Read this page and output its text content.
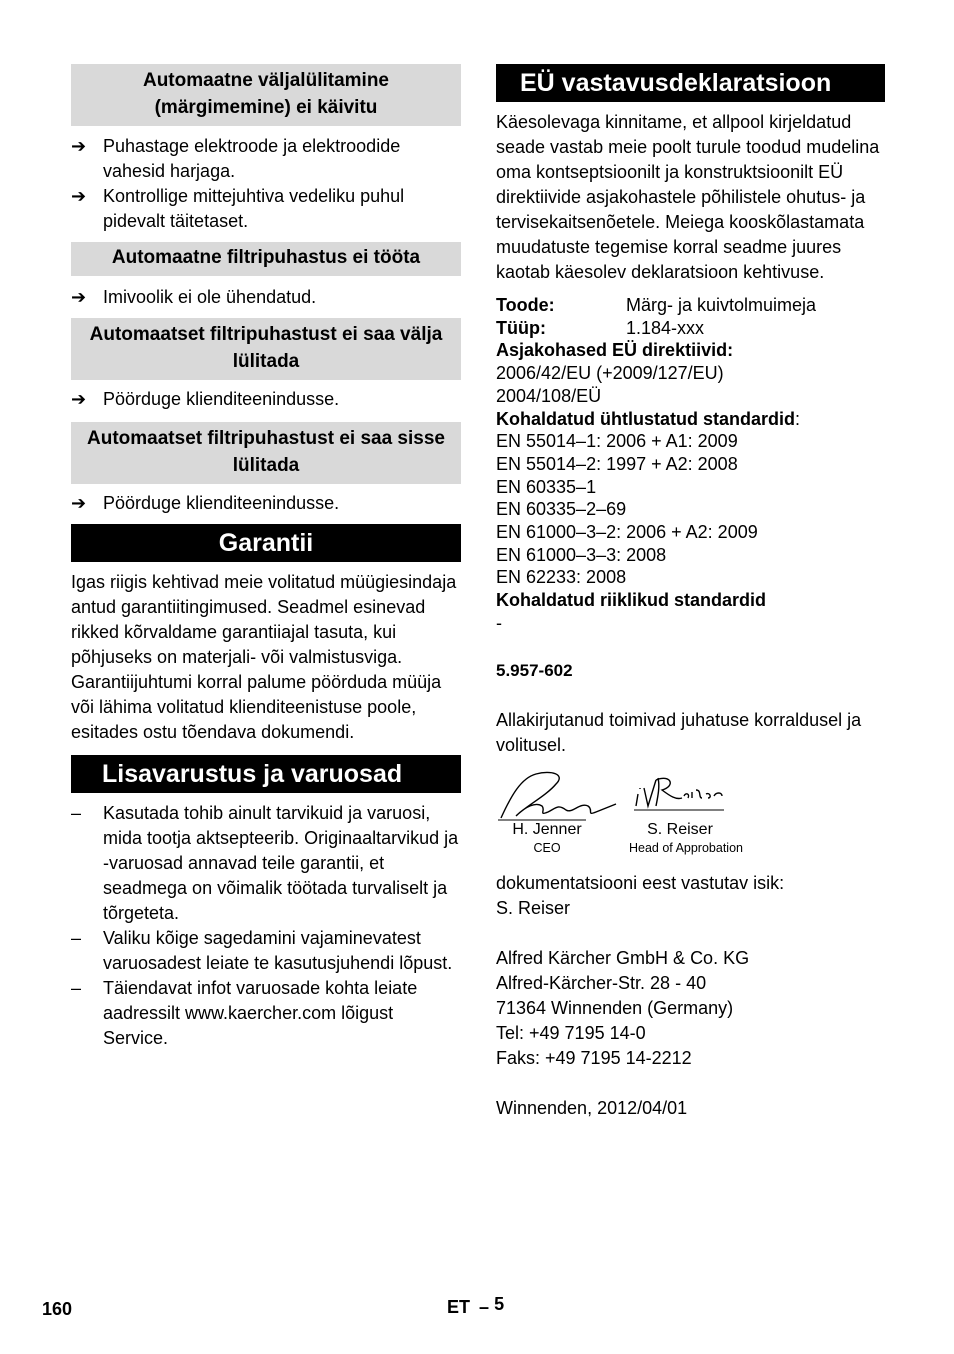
Automaatne väljalülitamine (märgimemine) ei käivitu
➔ Puhastage elektroode ja elektroodide vahesid harjaga.
➔ Kontrollige mittejuhtiva vedeliku puhul pidevalt täitetaset.
Automaatne filtripuhastus ei tööta
➔ Imivoolik ei ole ühendatud.
Automaatset filtripuhastust ei saa välja lülitada
➔ Pöörduge klienditeenindusse.
Automaatset filtripuhastust ei saa sisse lülitada
➔ Pöörduge klienditeenindusse.
Garantii
Igas riigis kehtivad meie volitatud müügiesindaja antud garantiitingimused. Seadmel esinevad rikked kõrvaldame garantiiajal tasuta, kui põhjuseks on materjali- või valmistusviga. Garantiijuhtumi korral palume pöörduda müüja või lähima volitatud klienditeenistuse poole, esitades ostu tõendava dokumendi.
Lisavarustus ja varuosad
– Kasutada tohib ainult tarvikuid ja varuosi, mida tootja aktsepteerib. Originaaltarvikud ja -varuosad annavad teile garantii, et seadmega on võimalik töötada turvaliselt ja tõrgeteta.
– Valiku kõige sagedamini vajaminevatest varuosadest leiate te kasutusjuhendi lõpust.
– Täiendavat infot varuosade kohta leiate aadressilt www.kaercher.com lõigust Service.
EÜ vastavusdeklaratsioon
Käesolevaga kinnitame, et allpool kirjeldatud seade vastab meie poolt turule toodud mudelina oma kontseptsioonilt ja konstruktsioonilt EÜ direktiivide asjakohastele põhilistele ohutus- ja tervisekaitsenõetele. Meiega kooskõlastamata muudatuste tegemise korral seadme juures kaotab käesolev deklaratsioon kehtivuse.
Toode:	Märg- ja kuivtolmuimeja
Tüüp:	1.184-xxx
Asjakohased EÜ direktiivid:
2006/42/EU (+2009/127/EU)
2004/108/EÜ
Kohaldatud ühtlustatud standardid:
EN 55014–1: 2006 + A1: 2009
EN 55014–2: 1997 + A2: 2008
EN 60335–1
EN 60335–2–69
EN 61000–3–2: 2006 + A2: 2009
EN 61000–3–3: 2008
EN 62233: 2008
Kohaldatud riiklikud standardid
-
5.957-602
Allakirjutanud toimivad juhatuse korraldusel ja volitusel.
H. Jenner
CEO
S. Reiser
Head of Approbation
dokumentatsiooni eest vastutav isik:
S. Reiser
Alfred Kärcher GmbH & Co. KG
Alfred-Kärcher-Str. 28 - 40
71364 Winnenden (Germany)
Tel: +49 7195 14-0
Faks: +49 7195 14-2212
Winnenden, 2012/04/01
160	ET – 5
